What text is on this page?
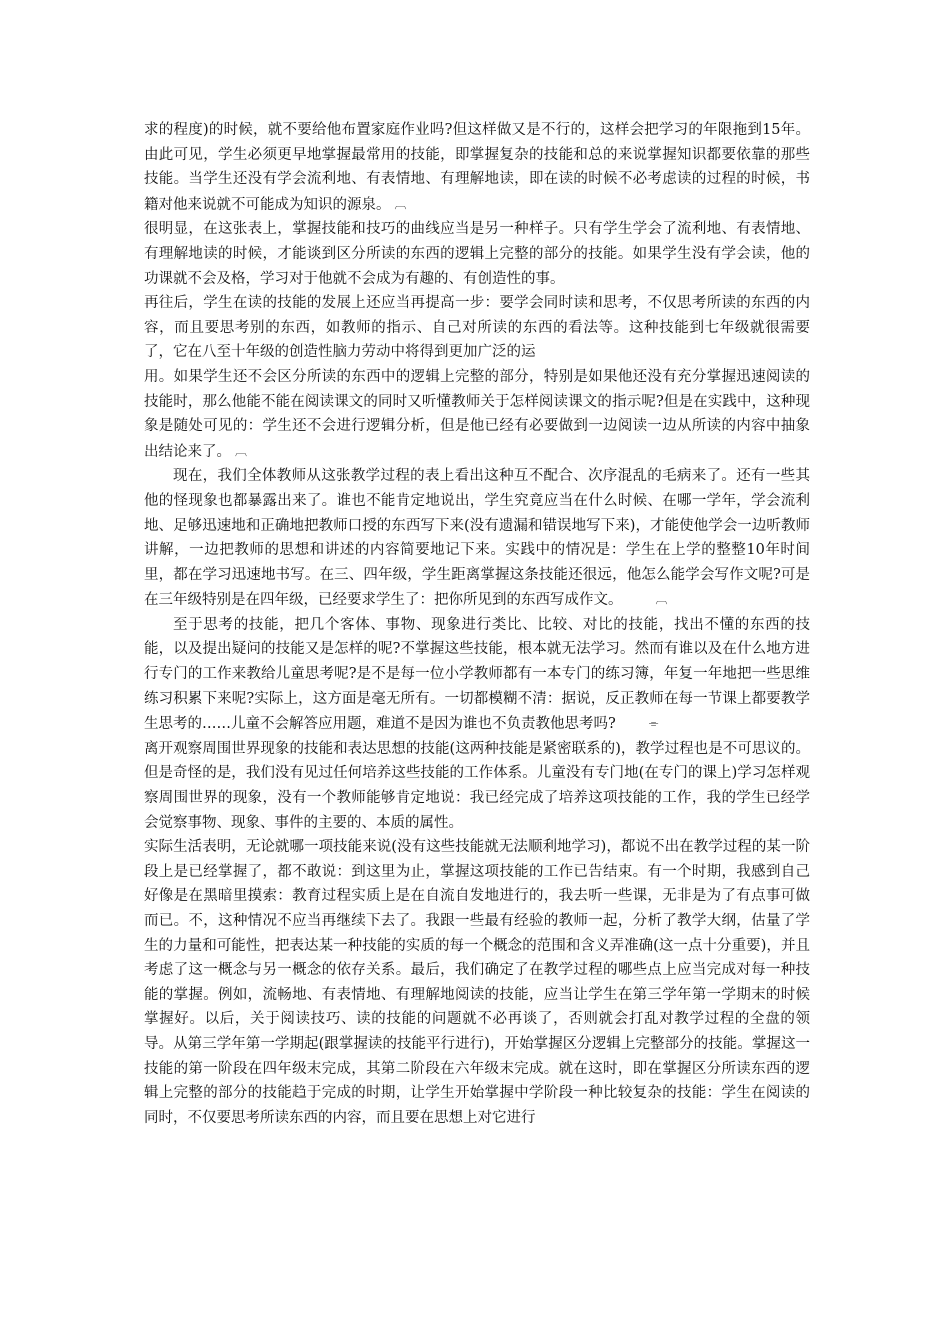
求的程度)的时候，就不要给他布置家庭作业吗?但这样做又是不行的，这样会把学习的年限拖到15年。由此可见，学生必须更早地掌握最常用的技能，即掌握复杂的技能和总的来说掌握知识都要依靠的那些技能。当学生还没有学会流利地、有表情地、有理解地读，即在读的时候不必考虑读的过程的时候，书籍对他来说就不可能成为知识的源泉。 ︹

很明显，在这张表上，掌握技能和技巧的曲线应当是另一种样子。只有学生学会了流利地、有表情地、有理解地读的时候，才能谈到区分所读的东西的逻辑上完整的部分的技能。如果学生没有学会读，他的功课就不会及格，学习对于他就不会成为有趣的、有创造性的事。

再往后，学生在读的技能的发展上还应当再提高一步：要学会同时读和思考，不仅思考所读的东西的内容，而且要思考别的东西，如教师的指示、自己对所读的东西的看法等。这种技能到七年级就很需要了，它在八至十年级的创造性脑力劳动中将得到更加广泛的运

用。如果学生还不会区分所读的东西中的逻辑上完整的部分，特别是如果他还没有充分掌握迅速阅读的技能时，那么他能不能在阅读课文的同时又听懂教师关于怎样阅读课文的指示呢?但是在实践中，这种现象是随处可见的：学生还不会进行逻辑分析，但是他已经有必要做到一边阅读一边从所读的内容中抽象出结论来了。 ︹

现在，我们全体教师从这张教学过程的表上看出这种互不配合、次序混乱的毛病来了。还有一些其他的怪现象也都暴露出来了。谁也不能肯定地说出，学生究竟应当在什么时候、在哪一学年，学会流利地、足够迅速地和正确地把教师口授的东西写下来(没有遗漏和错误地写下来)，才能使他学会一边听教师讲解，一边把教师的思想和讲述的内容简要地记下来。实践中的情况是：学生在上学的整整10年时间里，都在学习迅速地书写。在三、四年级，学生距离掌握这条技能还很远，他怎么能学会写作文呢?可是在三年级特别是在四年级，已经要求学生了：把你所见到的东西写成作文。	︹

至于思考的技能，把几个客体、事物、现象进行类比、比较、对比的技能，找出不懂的东西的技能，以及提出疑问的技能又是怎样的呢?不掌握这些技能，根本就无法学习。然而有谁以及在什么地方进行专门的工作来教给儿童思考呢?是不是每一位小学教师都有一本专门的练习簿，年复一年地把一些思维练习积累下来呢?实际上，这方面是毫无所有。一切都模糊不清：据说，反正教师在每一节课上都要教学生思考的……儿童不会解答应用题，难道不是因为谁也不负责教他思考吗?	⌯

离开观察周围世界现象的技能和表达思想的技能(这两种技能是紧密联系的)，教学过程也是不可思议的。但是奇怪的是，我们没有见过任何培养这些技能的工作体系。儿童没有专门地(在专门的课上)学习怎样观察周围世界的现象，没有一个教师能够肯定地说：我已经完成了培养这项技能的工作，我的学生已经学会觉察事物、现象、事件的主要的、本质的属性。

实际生活表明，无论就哪一项技能来说(没有这些技能就无法顺利地学习)，都说不出在教学过程的某一阶段上是已经掌握了，都不敢说：到这里为止，掌握这项技能的工作已告结束。有一个时期，我感到自己好像是在黑暗里摸索：教育过程实质上是在自流自发地进行的，我去听一些课，无非是为了有点事可做而已。不，这种情况不应当再继续下去了。我跟一些最有经验的教师一起，分析了教学大纲，估量了学生的力量和可能性，把表达某一种技能的实质的每一个概念的范围和含义弄准确(这一点十分重要)，并且考虑了这一概念与另一概念的依存关系。最后，我们确定了在教学过程的哪些点上应当完成对每一种技能的掌握。例如，流畅地、有表情地、有理解地阅读的技能，应当让学生在第三学年第一学期末的时候掌握好。以后，关于阅读技巧、读的技能的问题就不必再谈了，否则就会打乱对教学过程的全盘的领导。从第三学年第一学期起(跟掌握读的技能平行进行)，开始掌握区分逻辑上完整部分的技能。掌握这一技能的第一阶段在四年级末完成，其第二阶段在六年级末完成。就在这时，即在掌握区分所读东西的逻辑上完整的部分的技能趋于完成的时期，让学生开始掌握中学阶段一种比较复杂的技能：学生在阅读的同时，不仅要思考所读东西的内容，而且要在思想上对它进行
